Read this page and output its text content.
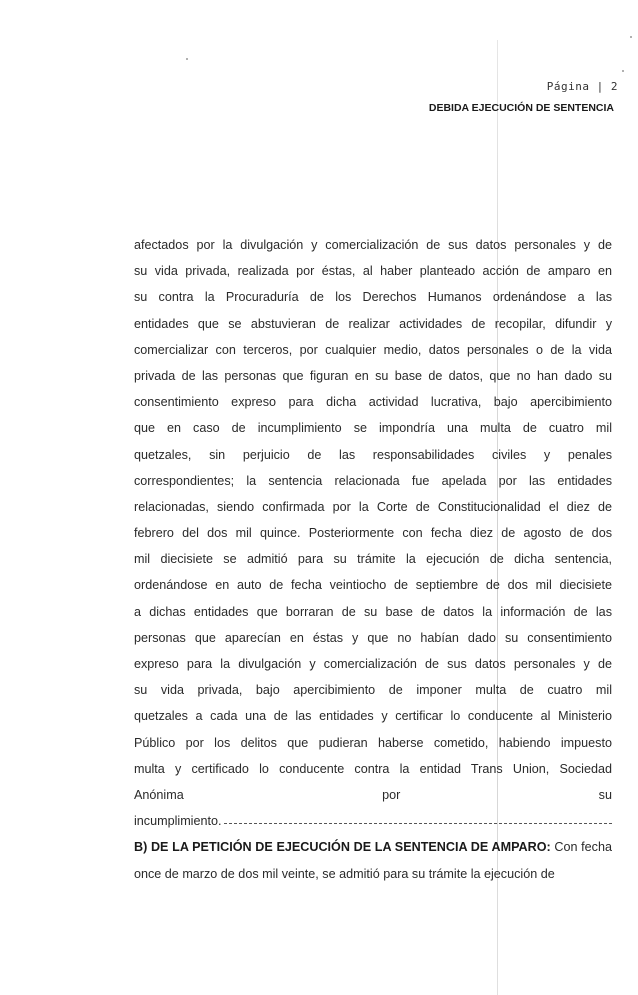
Página | 2
DEBIDA EJECUCIÓN DE SENTENCIA
afectados por la divulgación y comercialización de sus datos personales y de
su vida privada, realizada por éstas, al haber planteado acción de amparo en
su contra la Procuraduría de los Derechos Humanos ordenándose a las
entidades que se abstuvieran de realizar actividades de recopilar, difundir y
comercializar con terceros, por cualquier medio, datos personales o de la vida
privada de las personas que figuran en su base de datos, que no han dado su
consentimiento expreso para dicha actividad lucrativa, bajo apercibimiento
que en caso de incumplimiento se impondría una multa de cuatro mil
quetzales, sin perjuicio de las responsabilidades civiles y penales
correspondientes; la sentencia relacionada fue apelada por las entidades
relacionadas, siendo confirmada por la Corte de Constitucionalidad el diez de
febrero del dos mil quince. Posteriormente con fecha diez de agosto de dos
mil diecisiete se admitió para su trámite la ejecución de dicha sentencia,
ordenándose en auto de fecha veintiocho de septiembre de dos mil diecisiete
a dichas entidades que borraran de su base de datos la información de las
personas que aparecían en éstas y que no habían dado su consentimiento
expreso para la divulgación y comercialización de sus datos personales y de
su vida privada, bajo apercibimiento de imponer multa de cuatro mil
quetzales a cada una de las entidades y certificar lo conducente al Ministerio
Público por los delitos que pudieran haberse cometido, habiendo impuesto
multa y certificado lo conducente contra la entidad Trans Union, Sociedad
Anónima por su
incumplimiento.
B) DE LA PETICIÓN DE EJECUCIÓN DE LA SENTENCIA DE AMPARO: Con fecha
once de marzo de dos mil veinte, se admitió para su trámite la ejecución de
